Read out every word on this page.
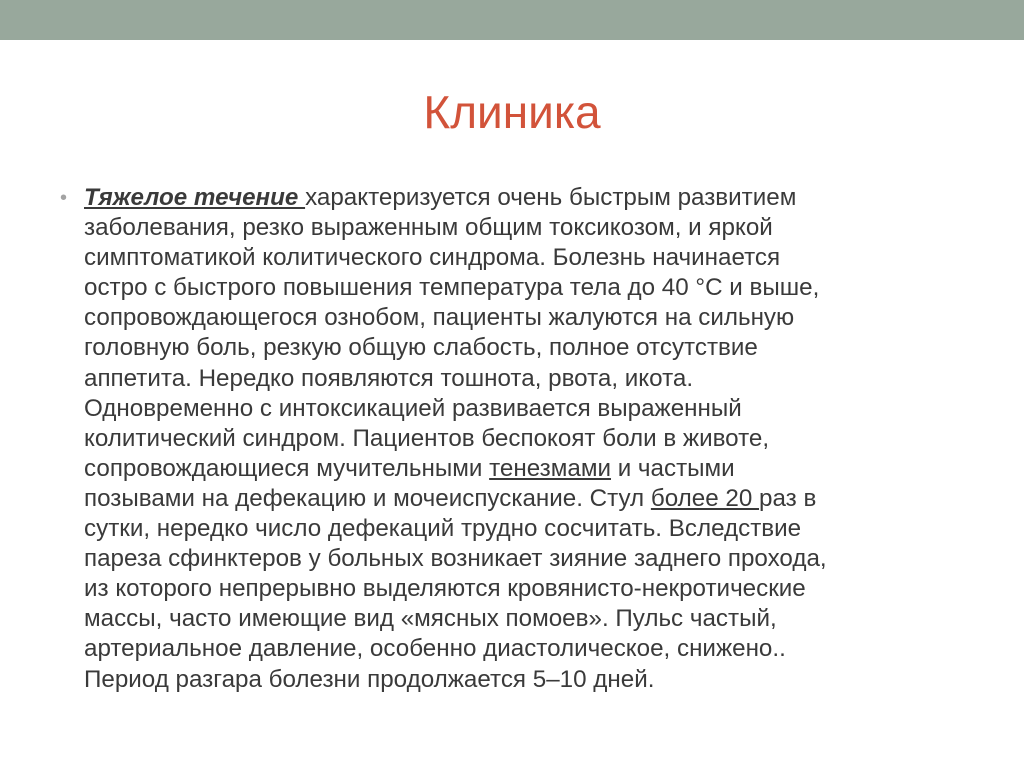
Клиника
• Тяжелое течение характеризуется очень быстрым развитием
заболевания, резко выраженным общим токсикозом, и яркой
симптоматикой колитического синдрома. Болезнь начинается
остро с быстрого повышения температура тела до 40 °С и выше,
сопровождающегося ознобом, пациенты жалуются на сильную
головную боль, резкую общую слабость, полное отсутствие
аппетита. Нередко появляются тошнота, рвота, икота.
Одновременно с интоксикацией развивается выраженный
колитический синдром. Пациентов беспокоят боли в животе,
сопровождающиеся мучительными тенезмами и частыми
позывами на дефекацию и мочеиспускание. Стул более 20 раз в
сутки, нередко число дефекаций трудно сосчитать. Вследствие
пареза сфинктеров у больных возникает зияние заднего прохода,
из которого непрерывно выделяются кровянисто-некротические
массы, часто имеющие вид «мясных помоев». Пульс частый,
артериальное давление, особенно диастолическое, снижено..
Период разгара болезни продолжается 5–10 дней.
